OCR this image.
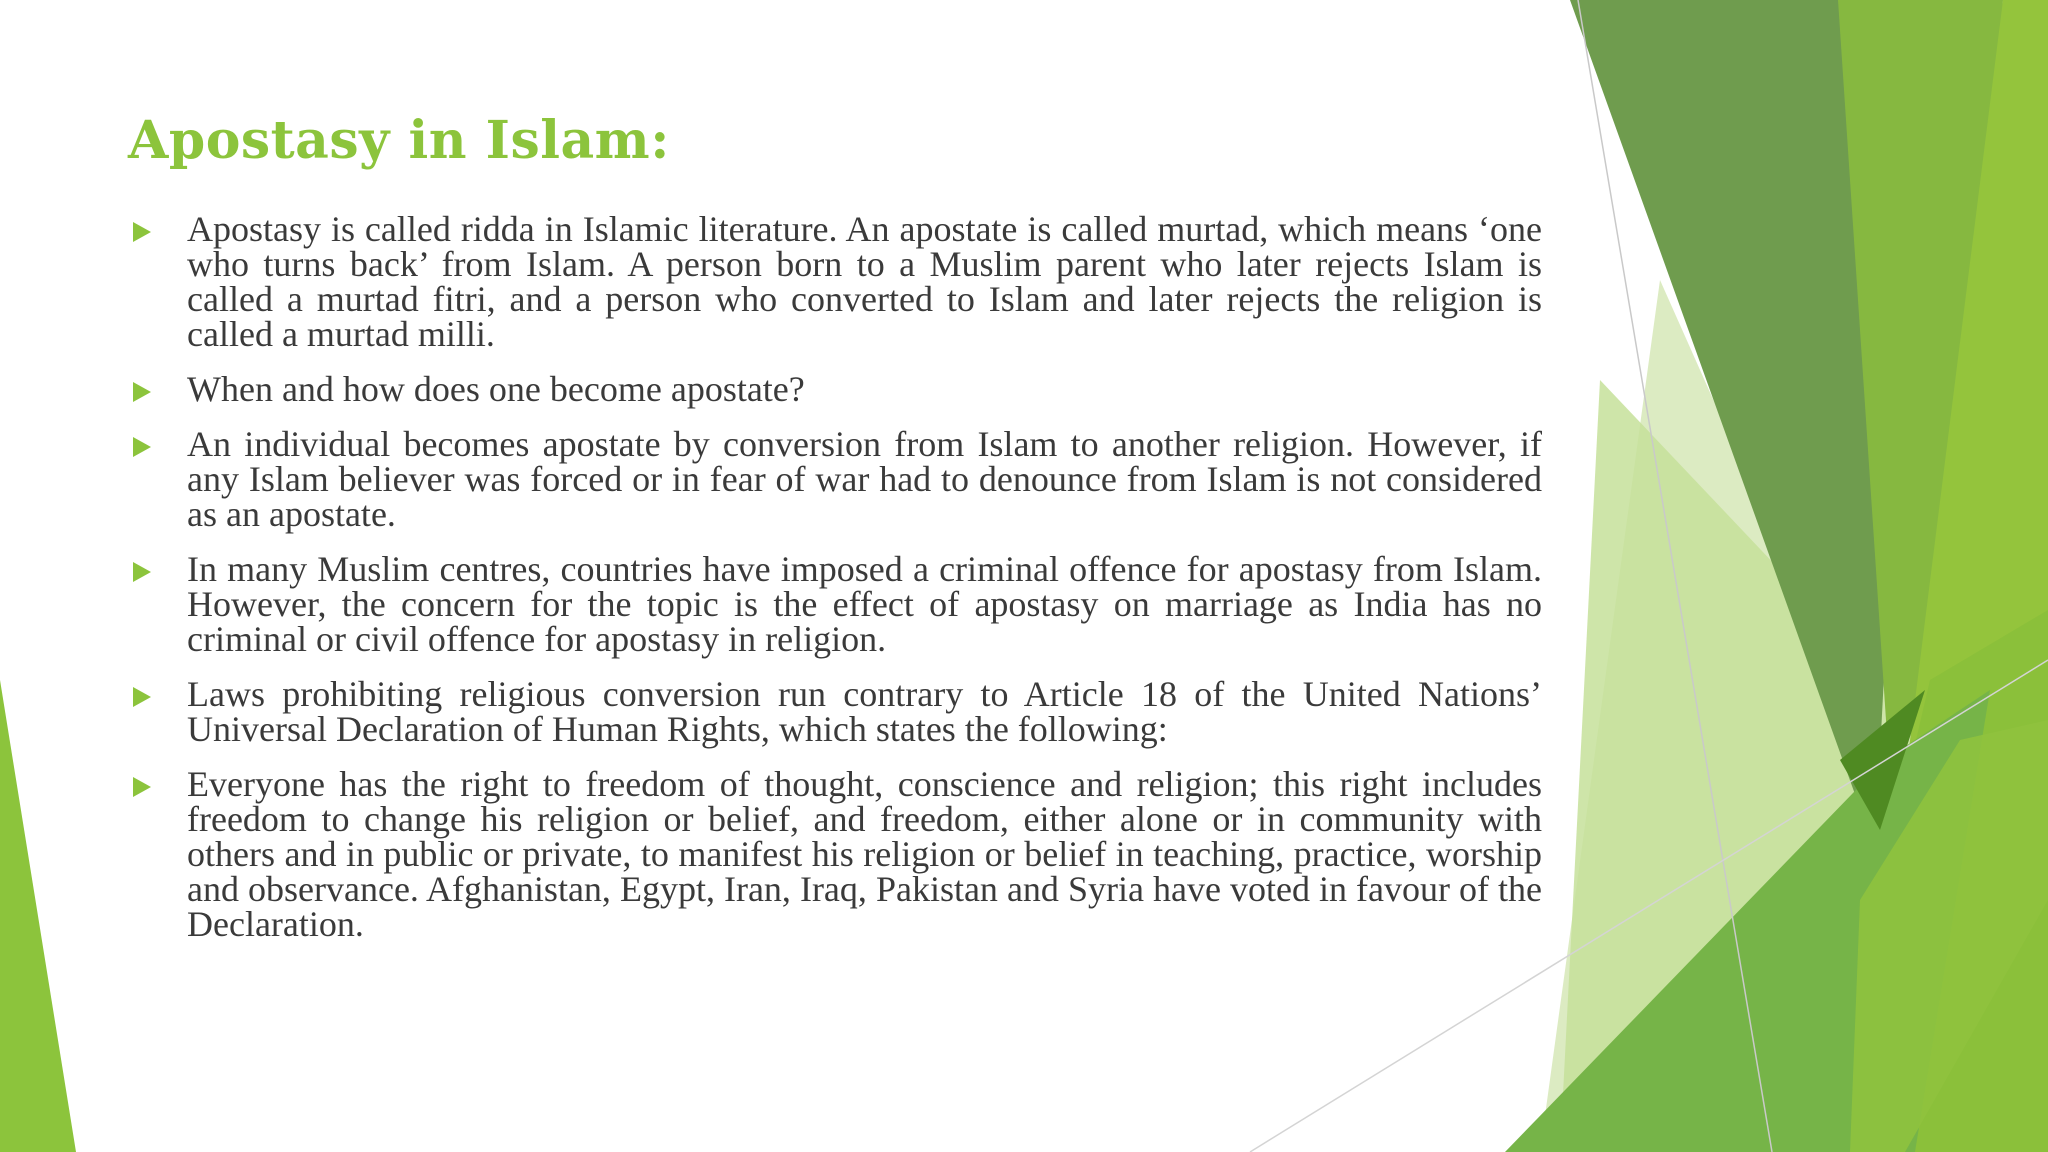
Apostasy in Islam:
Apostasy is called ridda in Islamic literature. An apostate is called murtad, which means ‘one who turns back’ from Islam. A person born to a Muslim parent who later rejects Islam is called a murtad fitri, and a person who converted to Islam and later rejects the religion is called a murtad milli.
When and how does one become apostate?
An individual becomes apostate by conversion from Islam to another religion. However, if any Islam believer was forced or in fear of war had to denounce from Islam is not considered as an apostate.
In many Muslim centres, countries have imposed a criminal offence for apostasy from Islam. However, the concern for the topic is the effect of apostasy on marriage as India has no criminal or civil offence for apostasy in religion.
Laws prohibiting religious conversion run contrary to Article 18 of the United Nations’ Universal Declaration of Human Rights, which states the following:
Everyone has the right to freedom of thought, conscience and religion; this right includes freedom to change his religion or belief, and freedom, either alone or in community with others and in public or private, to manifest his religion or belief in teaching, practice, worship and observance. Afghanistan, Egypt, Iran, Iraq, Pakistan and Syria have voted in favour of the Declaration.
